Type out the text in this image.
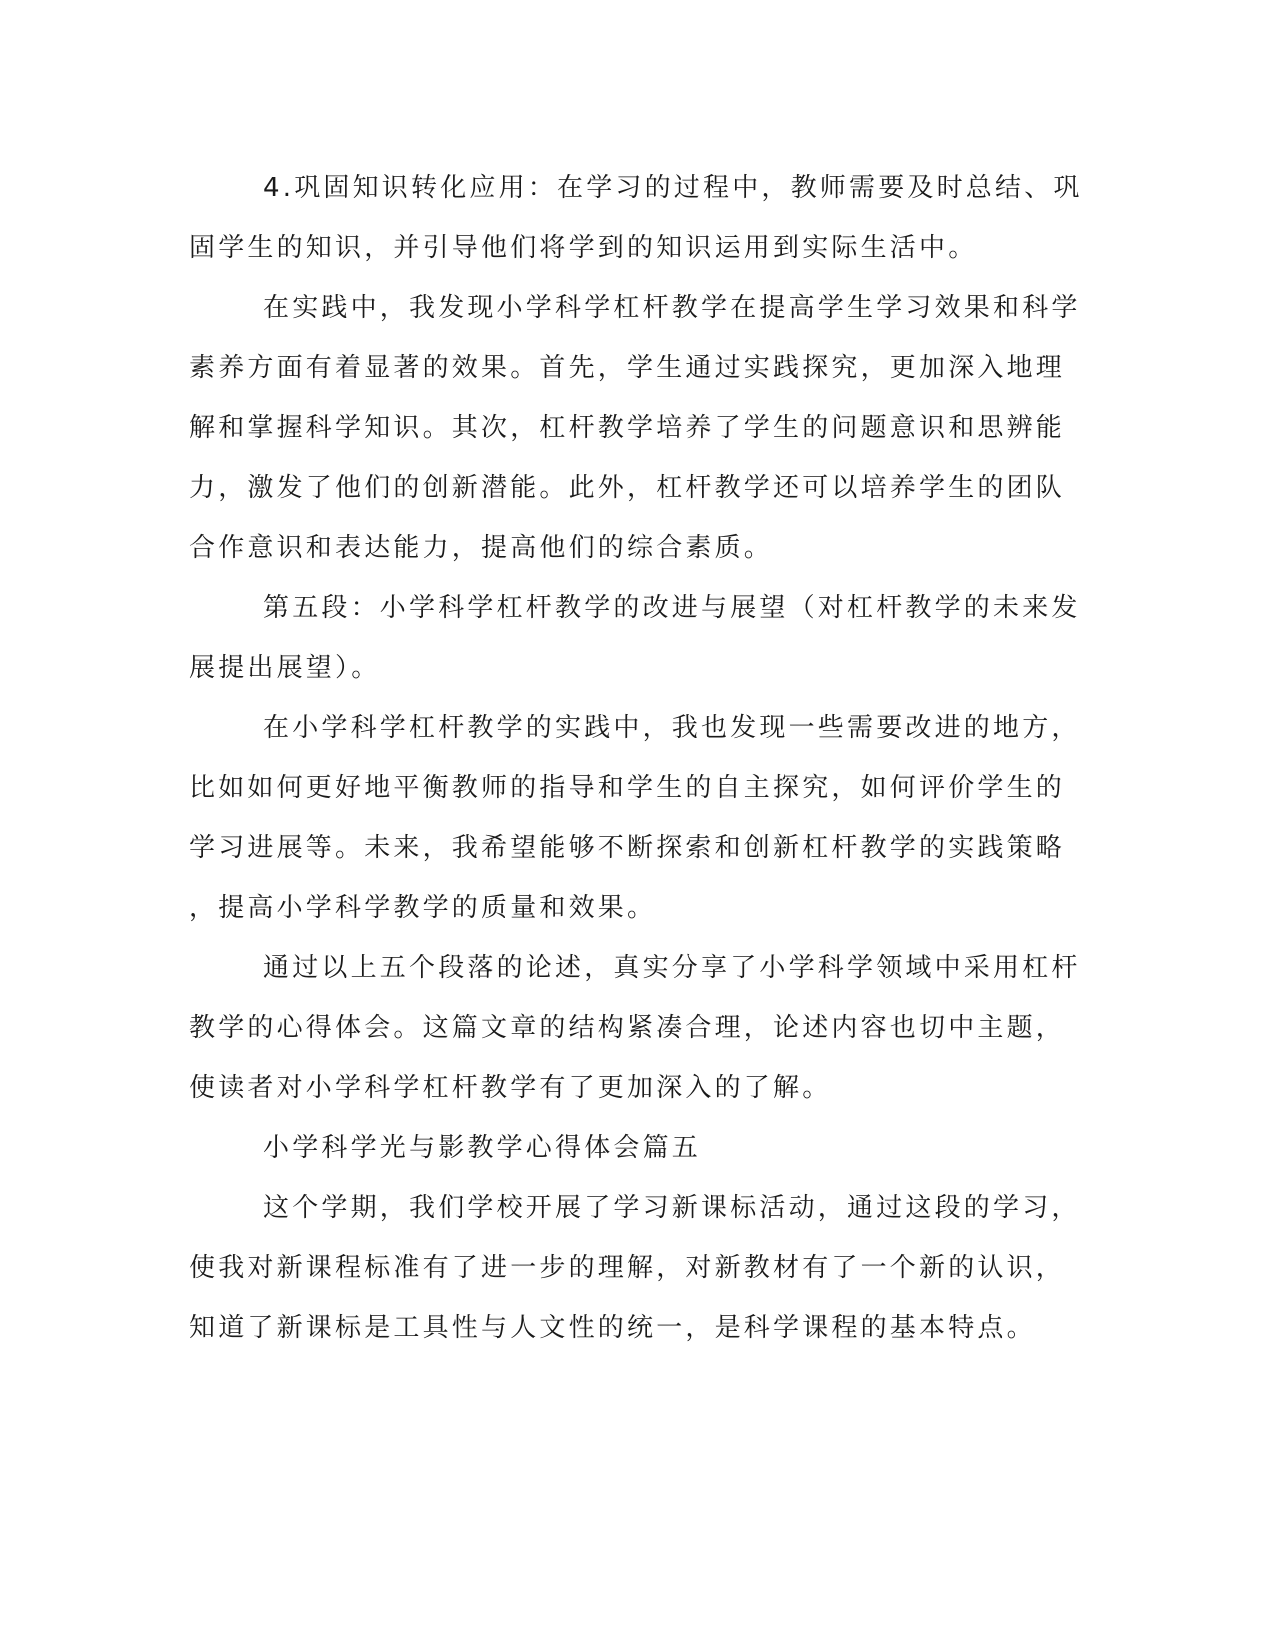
4.巩固知识转化应用：在学习的过程中，教师需要及时总结、巩
固学生的知识，并引导他们将学到的知识运用到实际生活中。

在实践中，我发现小学科学杠杆教学在提高学生学习效果和科学
素养方面有着显著的效果。首先，学生通过实践探究，更加深入地理
解和掌握科学知识。其次，杠杆教学培养了学生的问题意识和思辨能
力，激发了他们的创新潜能。此外，杠杆教学还可以培养学生的团队
合作意识和表达能力，提高他们的综合素质。

第五段：小学科学杠杆教学的改进与展望（对杠杆教学的未来发
展提出展望）。

在小学科学杠杆教学的实践中，我也发现一些需要改进的地方，
比如如何更好地平衡教师的指导和学生的自主探究，如何评价学生的
学习进展等。未来，我希望能够不断探索和创新杠杆教学的实践策略
，提高小学科学教学的质量和效果。

通过以上五个段落的论述，真实分享了小学科学领域中采用杠杆
教学的心得体会。这篇文章的结构紧凑合理，论述内容也切中主题，
使读者对小学科学杠杆教学有了更加深入的了解。

小学科学光与影教学心得体会篇五

这个学期，我们学校开展了学习新课标活动，通过这段的学习，
使我对新课程标准有了进一步的理解，对新教材有了一个新的认识，
知道了新课标是工具性与人文性的统一，是科学课程的基本特点。
